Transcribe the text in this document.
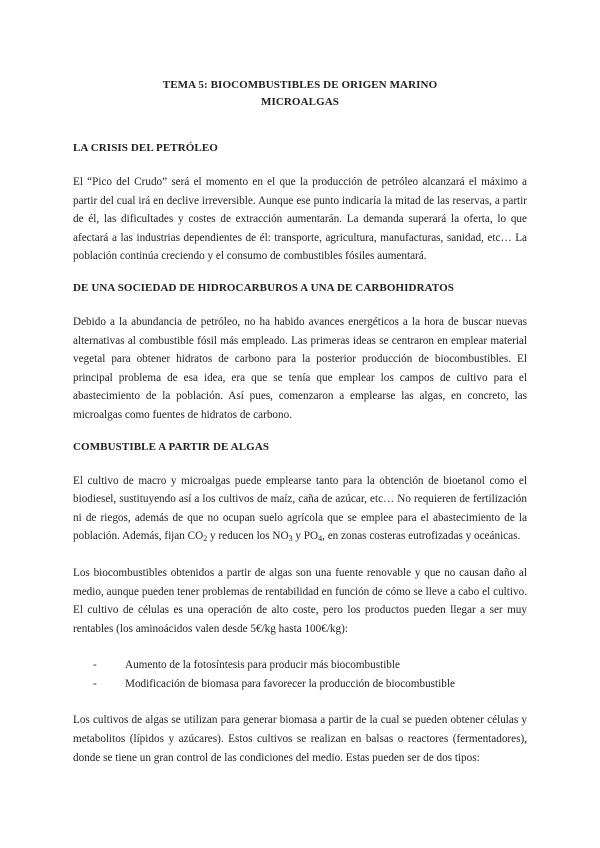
TEMA 5: BIOCOMBUSTIBLES DE ORIGEN MARINO
MICROALGAS
LA CRISIS DEL PETRÓLEO

El “Pico del Crudo” será el momento en el que la producción de petróleo alcanzará el máximo a partir del cual irá en declive irreversible. Aunque ese punto indicaría la mitad de las reservas, a partir de él, las dificultades y costes de extracción aumentarán. La demanda superará la oferta, lo que afectará a las industrias dependientes de él: transporte, agricultura, manufacturas, sanidad, etc… La población continúa creciendo y el consumo de combustibles fósiles aumentará.

DE UNA SOCIEDAD DE HIDROCARBUROS A UNA DE CARBOHIDRATOS

Debido a la abundancia de petróleo, no ha habido avances energéticos a la hora de buscar nuevas alternativas al combustible fósil más empleado. Las primeras ideas se centraron en emplear material vegetal para obtener hidratos de carbono para la posterior producción de biocombustibles. El principal problema de esa idea, era que se tenía que emplear los campos de cultivo para el abastecimiento de la población. Así pues, comenzaron a emplearse las algas, en concreto, las microalgas como fuentes de hidratos de carbono.

COMBUSTIBLE A PARTIR DE ALGAS

El cultivo de macro y microalgas puede emplearse tanto para la obtención de bioetanol como el biodiesel, sustituyendo así a los cultivos de maíz, caña de azúcar, etc… No requieren de fertilización ni de riegos, además de que no ocupan suelo agrícola que se emplee para el abastecimiento de la población. Además, fijan $CO_2$ y reducen los $NO_3$ y $PO_4$, en zonas costeras eutrofizadas y oceánicas.

Los biocombustibles obtenidos a partir de algas son una fuente renovable y que no causan daño al medio, aunque pueden tener problemas de rentabilidad en función de cómo se lleve a cabo el cultivo. El cultivo de células es una operación de alto coste, pero los productos pueden llegar a ser muy rentables (los aminoácidos valen desde 5€/kg hasta 100€/kg):

-	Aumento de la fotosíntesis para producir más biocombustible
-	Modificación de biomasa para favorecer la producción de biocombustible

Los cultivos de algas se utilizan para generar biomasa a partir de la cual se pueden obtener células y metabolitos (lípidos y azúcares). Estos cultivos se realizan en balsas o reactores (fermentadores), donde se tiene un gran control de las condiciones del medio. Estas pueden ser de dos tipos:
